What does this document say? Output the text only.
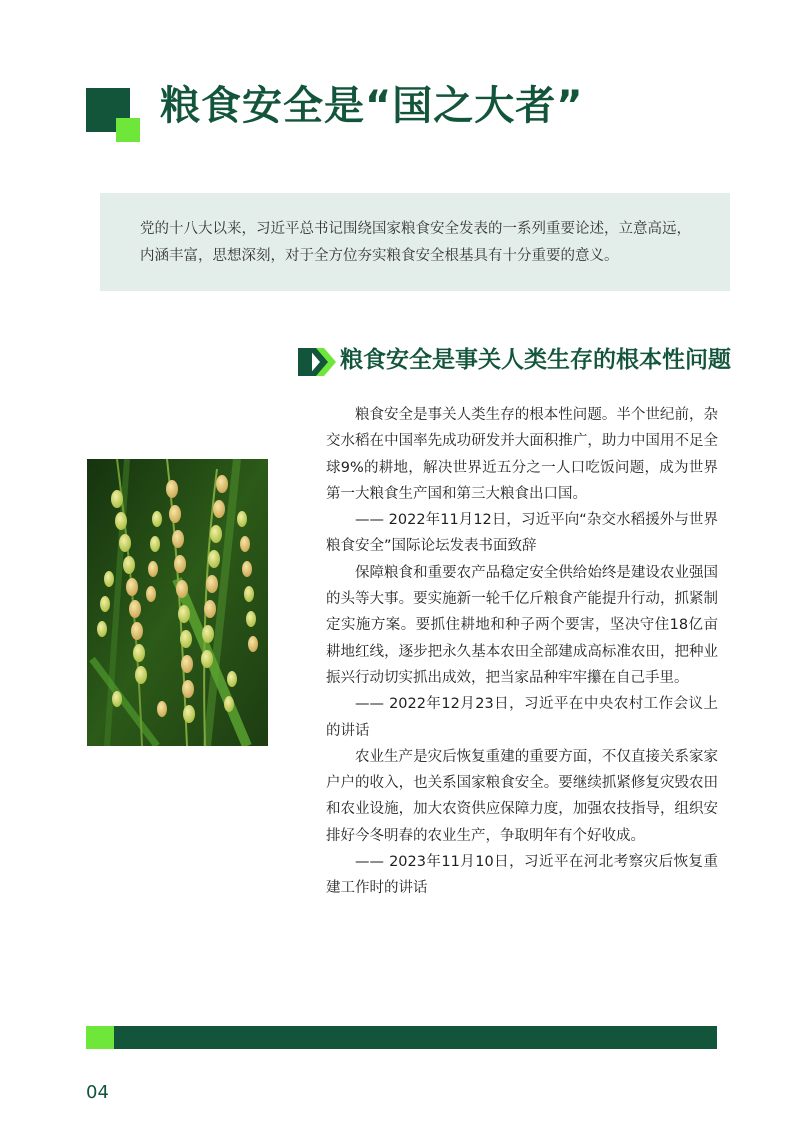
粮食安全是“国之大者”

党的十八大以来，习近平总书记围绕国家粮食安全发表的一系列重要论述，立意高远，内涵丰富，思想深刻，对于全方位夯实粮食安全根基具有十分重要的意义。

粮食安全是事关人类生存的根本性问题

粮食安全是事关人类生存的根本性问题。半个世纪前，杂交水稻在中国率先成功研发并大面积推广，助力中国用不足全球9%的耕地，解决世界近五分之一人口吃饭问题，成为世界第一大粮食生产国和第三大粮食出口国。

—— 2022年11月12日，习近平向“杂交水稻援外与世界粮食安全”国际论坛发表书面致辞

保障粮食和重要农产品稳定安全供给始终是建设农业强国的头等大事。要实施新一轮千亿斤粮食产能提升行动，抓紧制定实施方案。要抓住耕地和种子两个要害，坚决守住18亿亩耕地红线，逐步把永久基本农田全部建成高标准农田，把种业振兴行动切实抓出成效，把当家品种牢牢攥在自己手里。

—— 2022年12月23日，习近平在中央农村工作会议上的讲话

农业生产是灾后恢复重建的重要方面，不仅直接关系家家户户的收入，也关系国家粮食安全。要继续抓紧修复灾毁农田和农业设施，加大农资供应保障力度，加强农技指导，组织安排好今冬明春的农业生产，争取明年有个好收成。

—— 2023年11月10日，习近平在河北考察灾后恢复重建工作时的讲话

04
